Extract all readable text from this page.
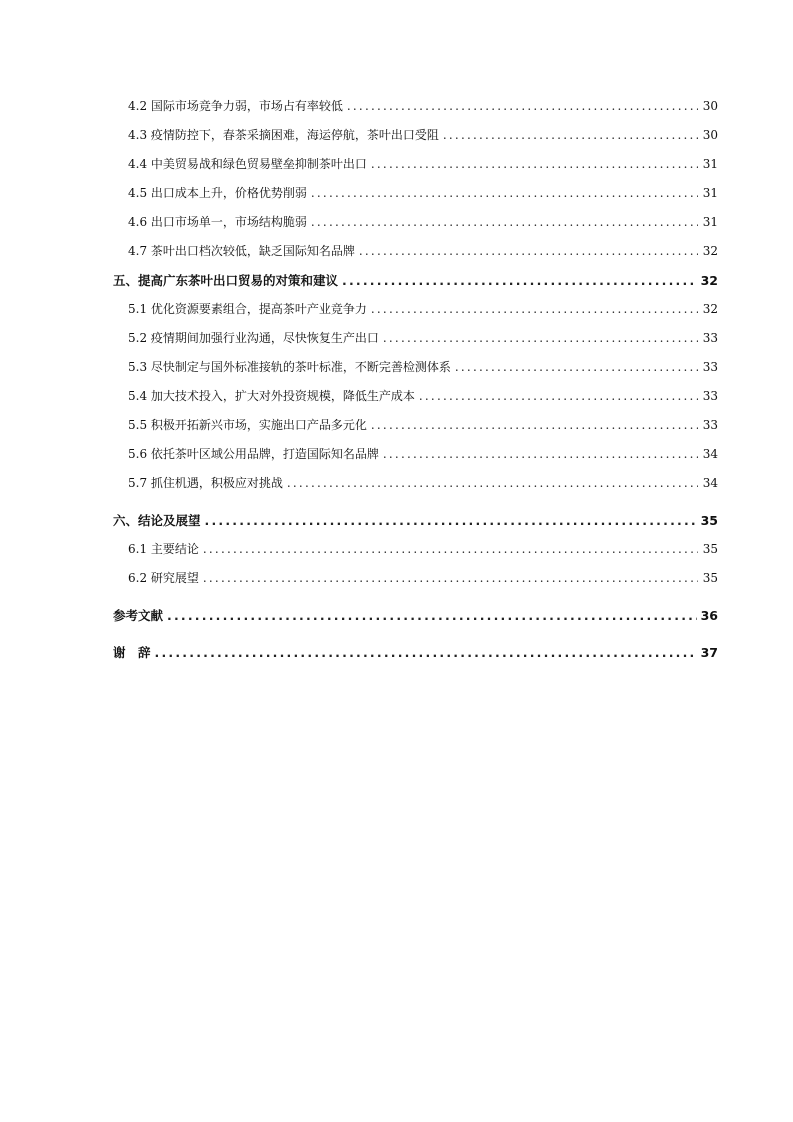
4.2 国际市场竞争力弱，市场占有率较低 .....	30
4.3 疫情防控下，春茶采摘困难，海运停航，茶叶出口受阻 .....	30
4.4 中美贸易战和绿色贸易壁垒抑制茶叶出口 .....	31
4.5 出口成本上升，价格优势削弱 .....	31
4.6 出口市场单一，市场结构脆弱 .....	31
4.7 茶叶出口档次较低，缺乏国际知名品牌 .....	32
五、提高广东茶叶出口贸易的对策和建议 .....	32
5.1 优化资源要素组合，提高茶叶产业竞争力 .....	32
5.2 疫情期间加强行业沟通，尽快恢复生产出口 .....	33
5.3 尽快制定与国外标准接轨的茶叶标准，不断完善检测体系 .....	33
5.4 加大技术投入，扩大对外投资规模，降低生产成本 .....	33
5.5 积极开拓新兴市场，实施出口产品多元化 .....	33
5.6 依托茶叶区域公用品牌，打造国际知名品牌 .....	34
5.7 抓住机遇，积极应对挑战 .....	34
六、结论及展望 .....	35
6.1 主要结论 .....	35
6.2 研究展望 .....	35
参考文献 .....	36
谢　辞 .....	37
